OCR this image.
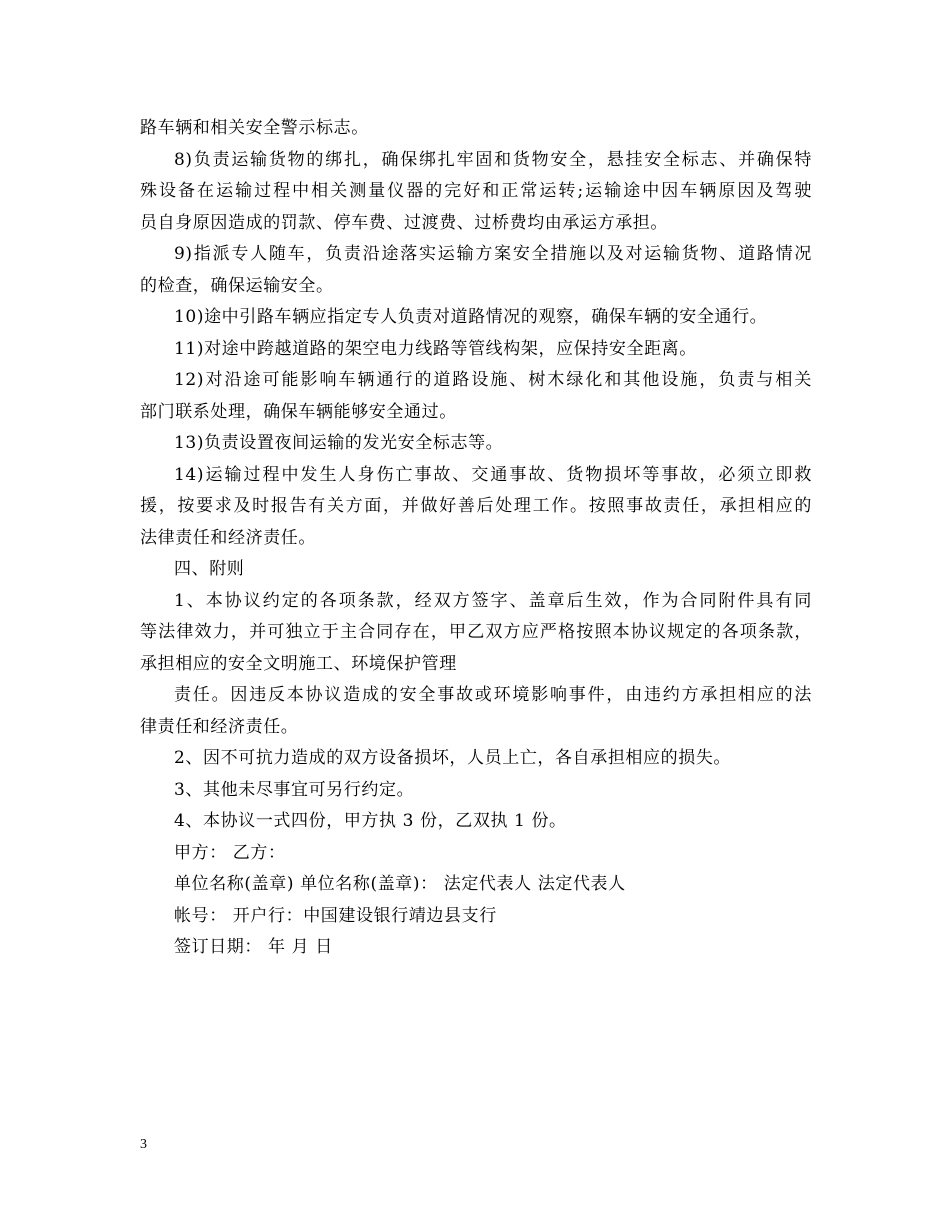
路车辆和相关安全警示标志。
8)负责运输货物的绑扎，确保绑扎牢固和货物安全，悬挂安全标志、并确保特
殊设备在运输过程中相关测量仪器的完好和正常运转;运输途中因车辆原因及驾驶
员自身原因造成的罚款、停车费、过渡费、过桥费均由承运方承担。
9)指派专人随车，负责沿途落实运输方案安全措施以及对运输货物、道路情况
的检查，确保运输安全。
10)途中引路车辆应指定专人负责对道路情况的观察，确保车辆的安全通行。
11)对途中跨越道路的架空电力线路等管线构架，应保持安全距离。
12)对沿途可能影响车辆通行的道路设施、树木绿化和其他设施，负责与相关
部门联系处理，确保车辆能够安全通过。
13)负责设置夜间运输的发光安全标志等。
14)运输过程中发生人身伤亡事故、交通事故、货物损坏等事故，必须立即救
援，按要求及时报告有关方面，并做好善后处理工作。按照事故责任，承担相应的
法律责任和经济责任。
四、附则
1、本协议约定的各项条款，经双方签字、盖章后生效，作为合同附件具有同
等法律效力，并可独立于主合同存在，甲乙双方应严格按照本协议规定的各项条款，
承担相应的安全文明施工、环境保护管理
责任。因违反本协议造成的安全事故或环境影响事件，由违约方承担相应的法
律责任和经济责任。
2、因不可抗力造成的双方设备损坏，人员上亡，各自承担相应的损失。
3、其他未尽事宜可另行约定。
4、本协议一式四份，甲方执 3 份，乙双执 1 份。
甲方： 乙方：
单位名称(盖章) 单位名称(盖章)： 法定代表人 法定代表人
帐号： 开户行：中国建设银行靖边县支行
签订日期： 年 月 日
3
